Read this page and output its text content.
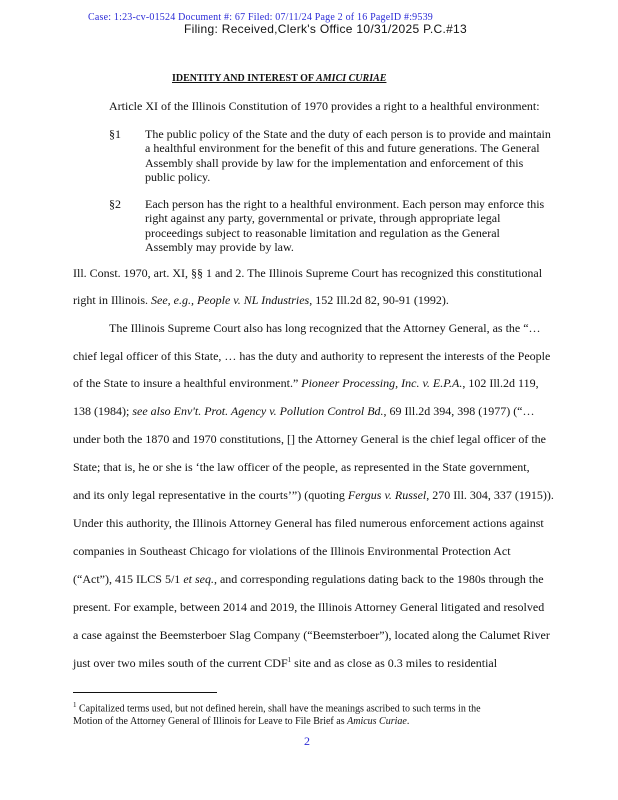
Case: 1:23-cv-01524 Document #: 67 Filed: 07/11/24 Page 2 of 16 PageID #:9539
Filing: Received,Clerk's Office 10/31/2025 P.C.#13
IDENTITY AND INTEREST OF AMICI CURIAE
Article XI of the Illinois Constitution of 1970 provides a right to a healthful environment:
§1 The public policy of the State and the duty of each person is to provide and maintain
a healthful environment for the benefit of this and future generations. The General
Assembly shall provide by law for the implementation and enforcement of this
public policy.
§2 Each person has the right to a healthful environment. Each person may enforce this
right against any party, governmental or private, through appropriate legal
proceedings subject to reasonable limitation and regulation as the General
Assembly may provide by law.
Ill. Const. 1970, art. XI, §§ 1 and 2. The Illinois Supreme Court has recognized this constitutional
right in Illinois. See, e.g., People v. NL Industries, 152 Ill.2d 82, 90-91 (1992).
The Illinois Supreme Court also has long recognized that the Attorney General, as the “…
chief legal officer of this State, … has the duty and authority to represent the interests of the People
of the State to insure a healthful environment.” Pioneer Processing, Inc. v. E.P.A., 102 Ill.2d 119,
138 (1984); see also Env't. Prot. Agency v. Pollution Control Bd., 69 Ill.2d 394, 398 (1977) (“…
under both the 1870 and 1970 constitutions, [] the Attorney General is the chief legal officer of the
State; that is, he or she is ‘the law officer of the people, as represented in the State government,
and its only legal representative in the courts’”) (quoting Fergus v. Russel, 270 Ill. 304, 337 (1915)).
Under this authority, the Illinois Attorney General has filed numerous enforcement actions against
companies in Southeast Chicago for violations of the Illinois Environmental Protection Act
(“Act”), 415 ILCS 5/1 et seq., and corresponding regulations dating back to the 1980s through the
present. For example, between 2014 and 2019, the Illinois Attorney General litigated and resolved
a case against the Beemsterboer Slag Company (“Beemsterboer”), located along the Calumet River
just over two miles south of the current CDF$^1$ site and as close as 0.3 miles to residential
$^1$ Capitalized terms used, but not defined herein, shall have the meanings ascribed to such terms in the
Motion of the Attorney General of Illinois for Leave to File Brief as Amicus Curiae.
2
